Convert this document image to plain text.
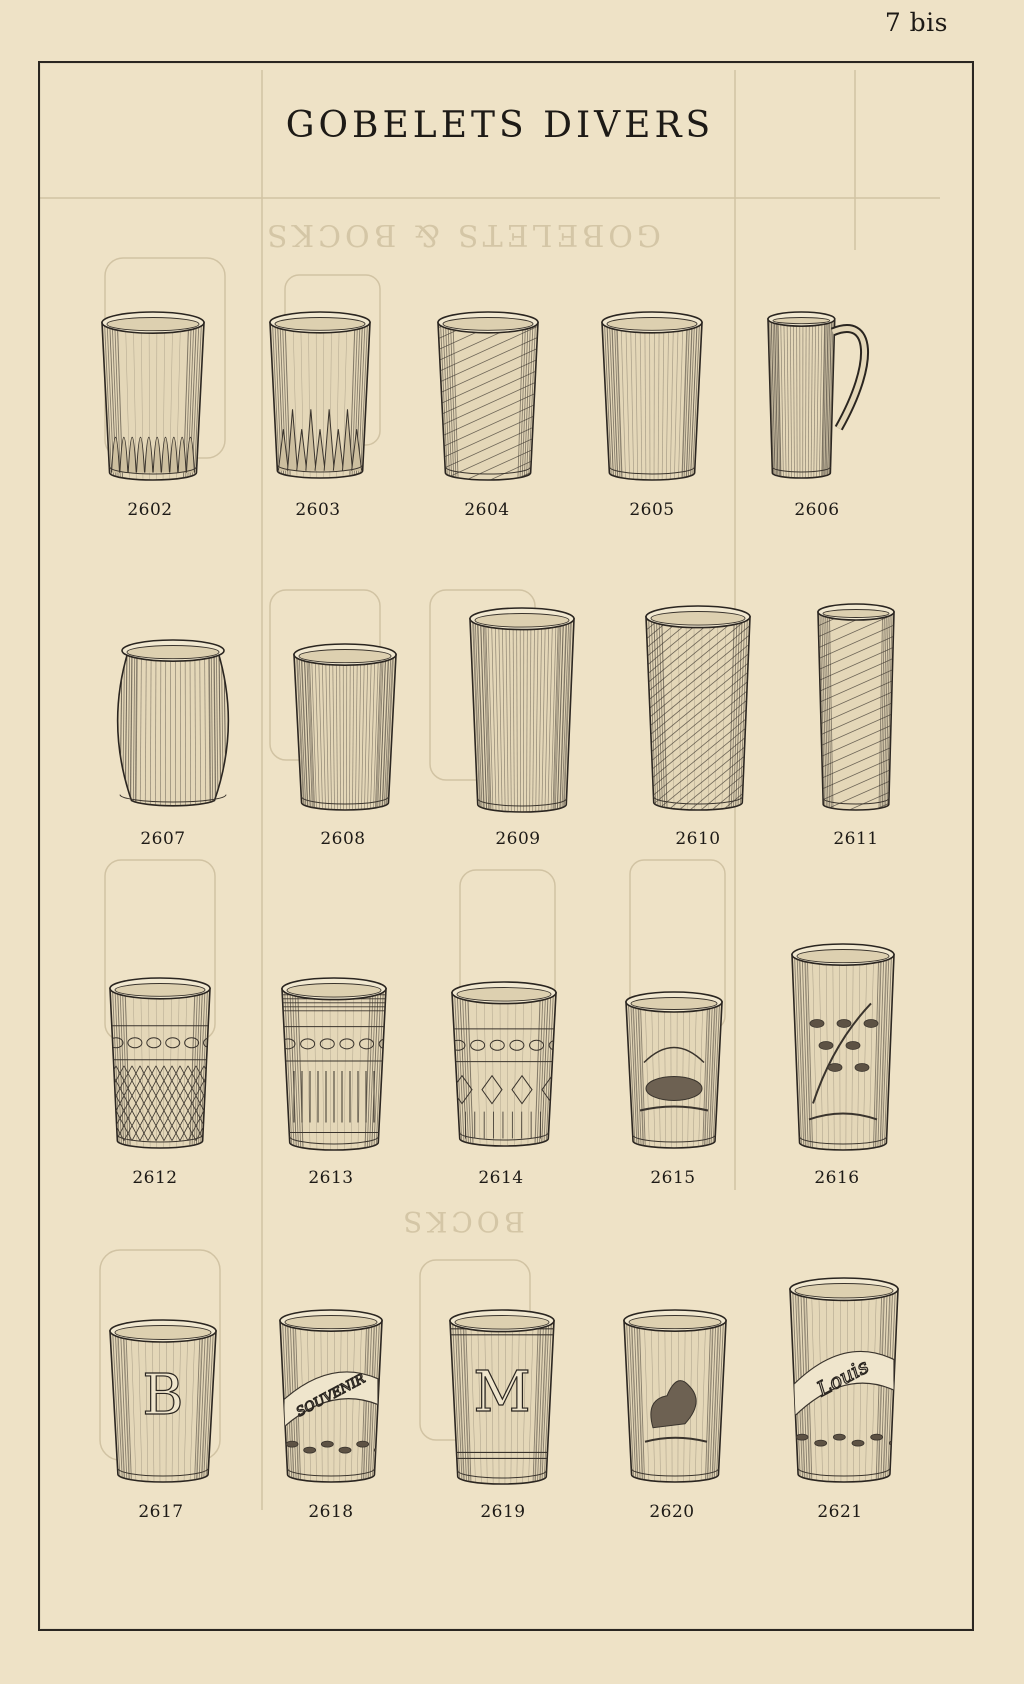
GOBELETS & BOCKS
BOCKS
7 bis
GOBELETS DIVERS
2602	2603	2604	2605	2606
2607	2608	2609	2610	2611
2612	2613	2614	2615	2616
B
2617
SOUVENIR
2618
M
2619	2620
Louis
2621
